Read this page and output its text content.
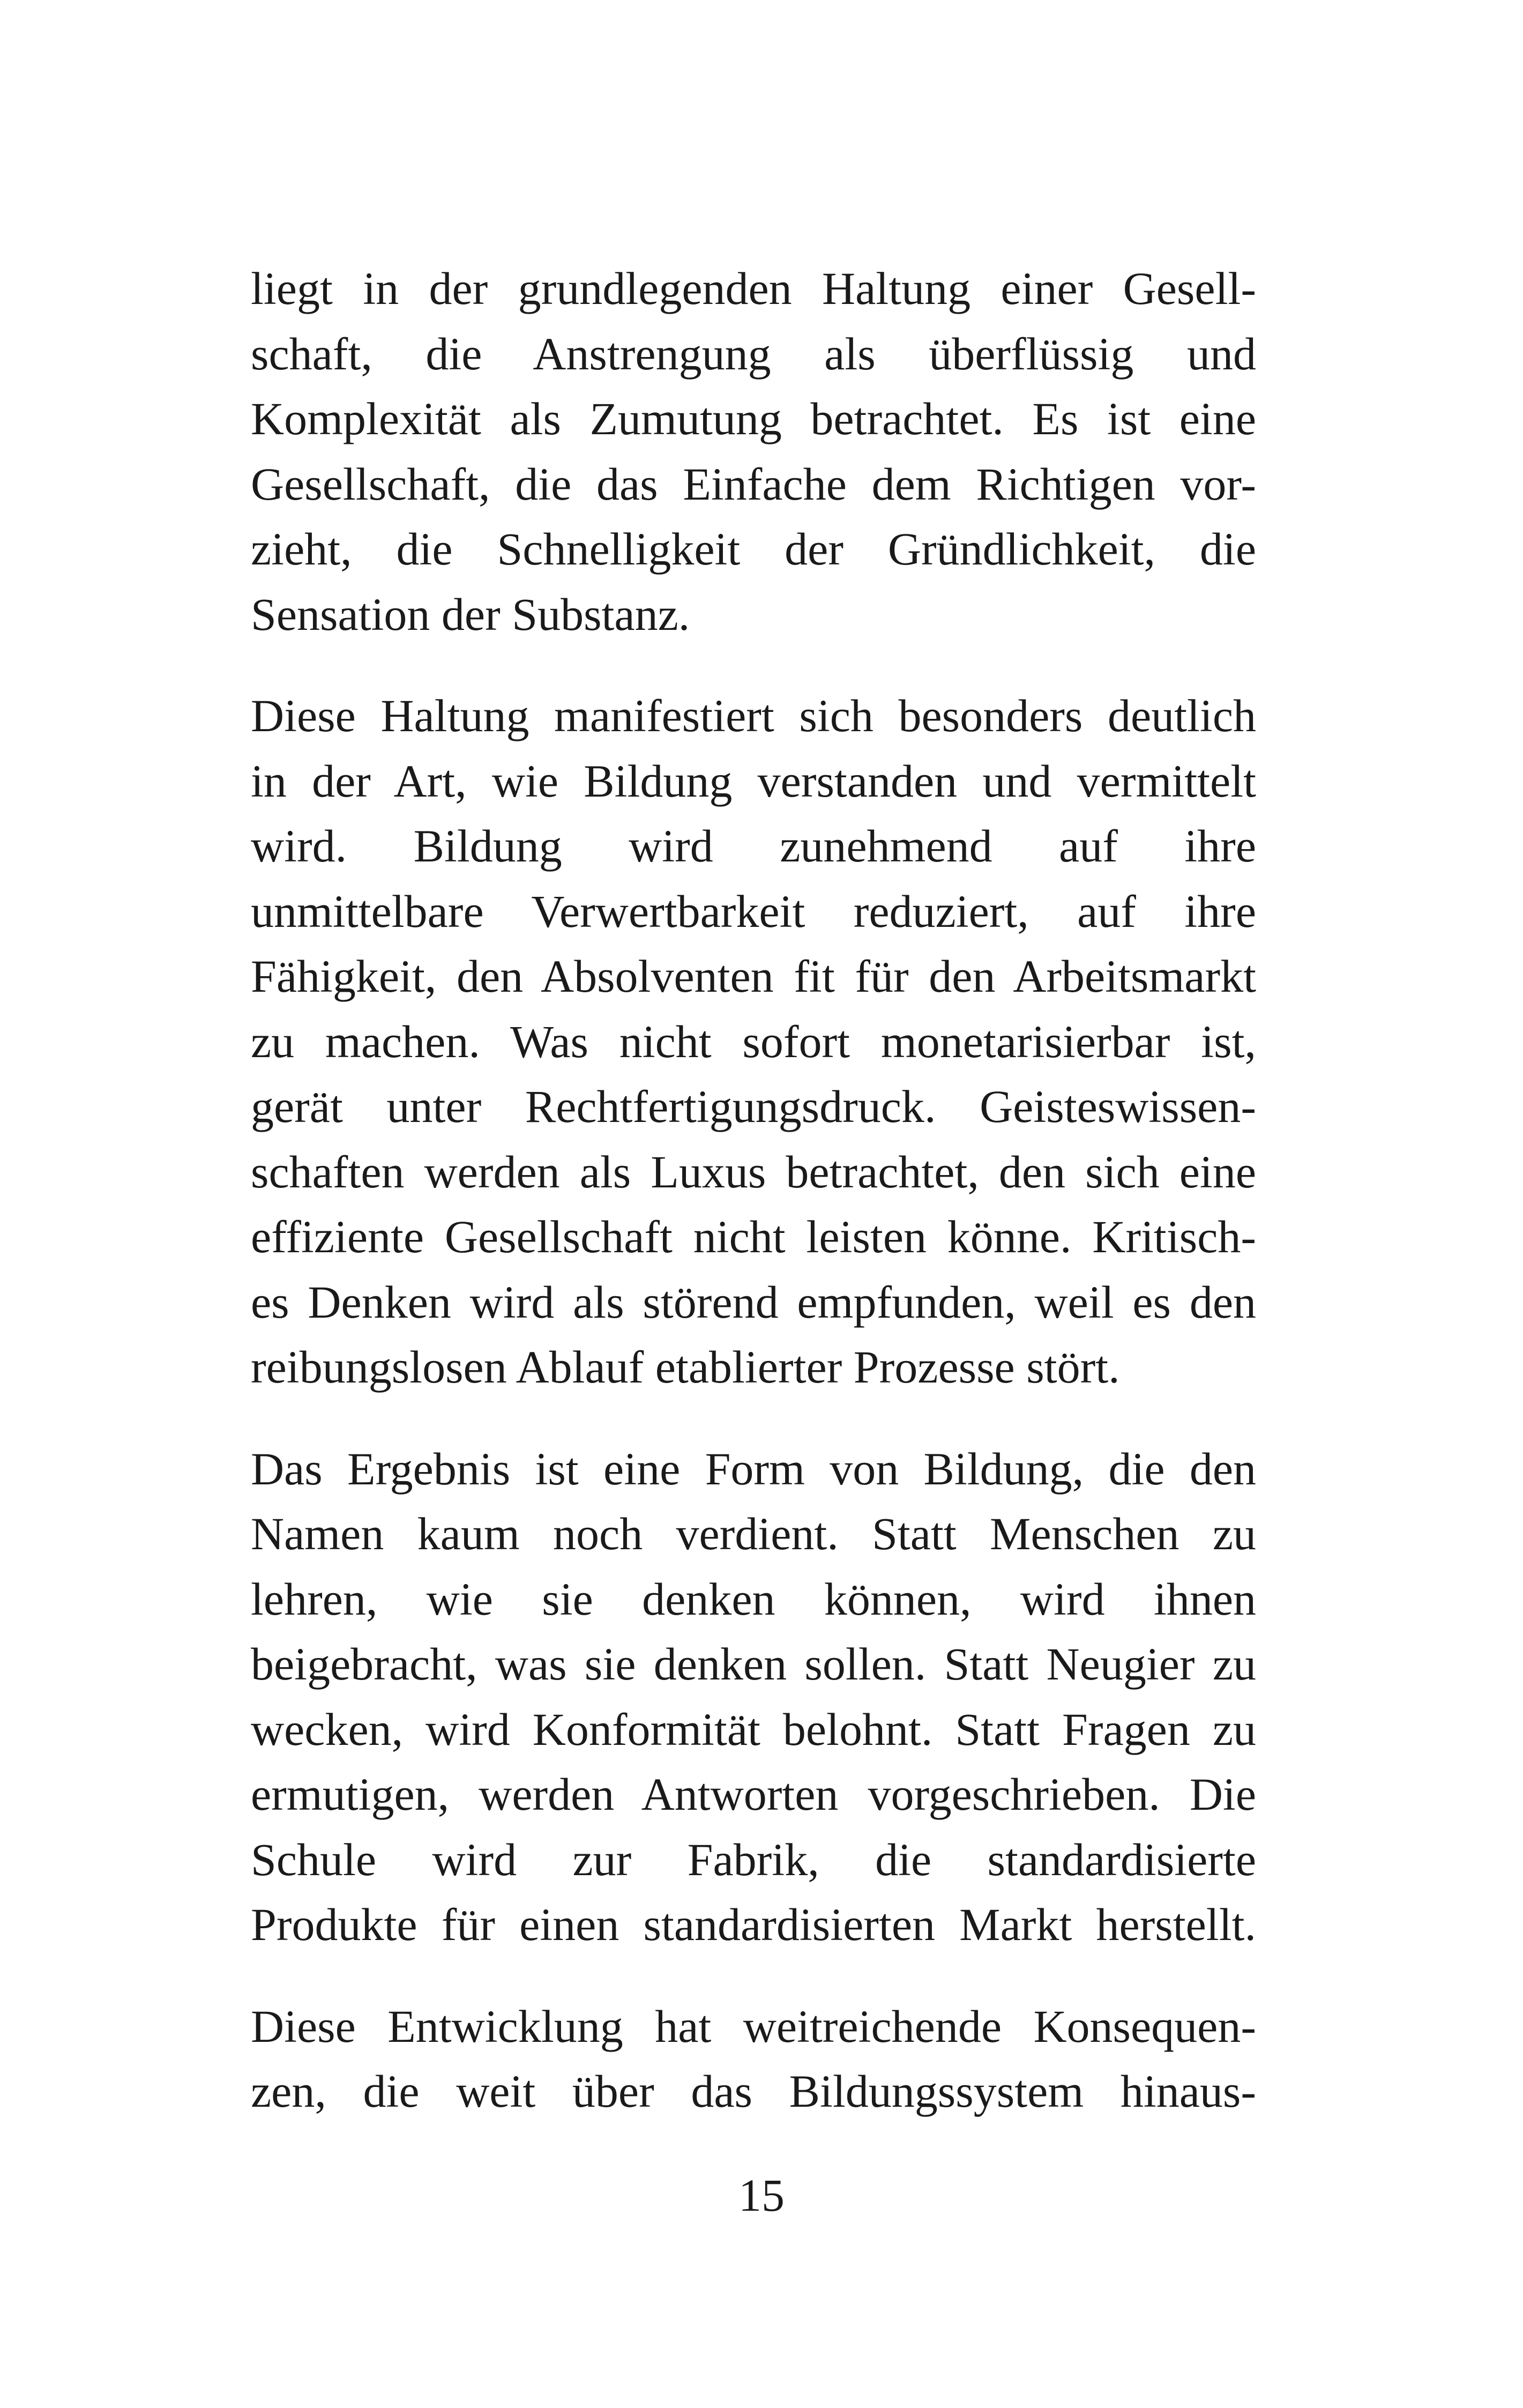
liegt in der grundlegenden Haltung einer Gesell-
schaft, die Anstrengung als überflüssig und
Komplexität als Zumutung betrachtet. Es ist eine
Gesellschaft, die das Einfache dem Richtigen vor-
zieht, die Schnelligkeit der Gründlichkeit, die
Sensation der Substanz.
Diese Haltung manifestiert sich besonders deutlich
in der Art, wie Bildung verstanden und vermittelt
wird. Bildung wird zunehmend auf ihre
unmittelbare Verwertbarkeit reduziert, auf ihre
Fähigkeit, den Absolventen fit für den Arbeitsmarkt
zu machen. Was nicht sofort monetarisierbar ist,
gerät unter Rechtfertigungsdruck. Geisteswissen-
schaften werden als Luxus betrachtet, den sich eine
effiziente Gesellschaft nicht leisten könne. Kritisch-
es Denken wird als störend empfunden, weil es den
reibungslosen Ablauf etablierter Prozesse stört.
Das Ergebnis ist eine Form von Bildung, die den
Namen kaum noch verdient. Statt Menschen zu
lehren, wie sie denken können, wird ihnen
beigebracht, was sie denken sollen. Statt Neugier zu
wecken, wird Konformität belohnt. Statt Fragen zu
ermutigen, werden Antworten vorgeschrieben. Die
Schule wird zur Fabrik, die standardisierte
Produkte für einen standardisierten Markt herstellt.
Diese Entwicklung hat weitreichende Konsequen-
zen, die weit über das Bildungssystem hinaus-
15
